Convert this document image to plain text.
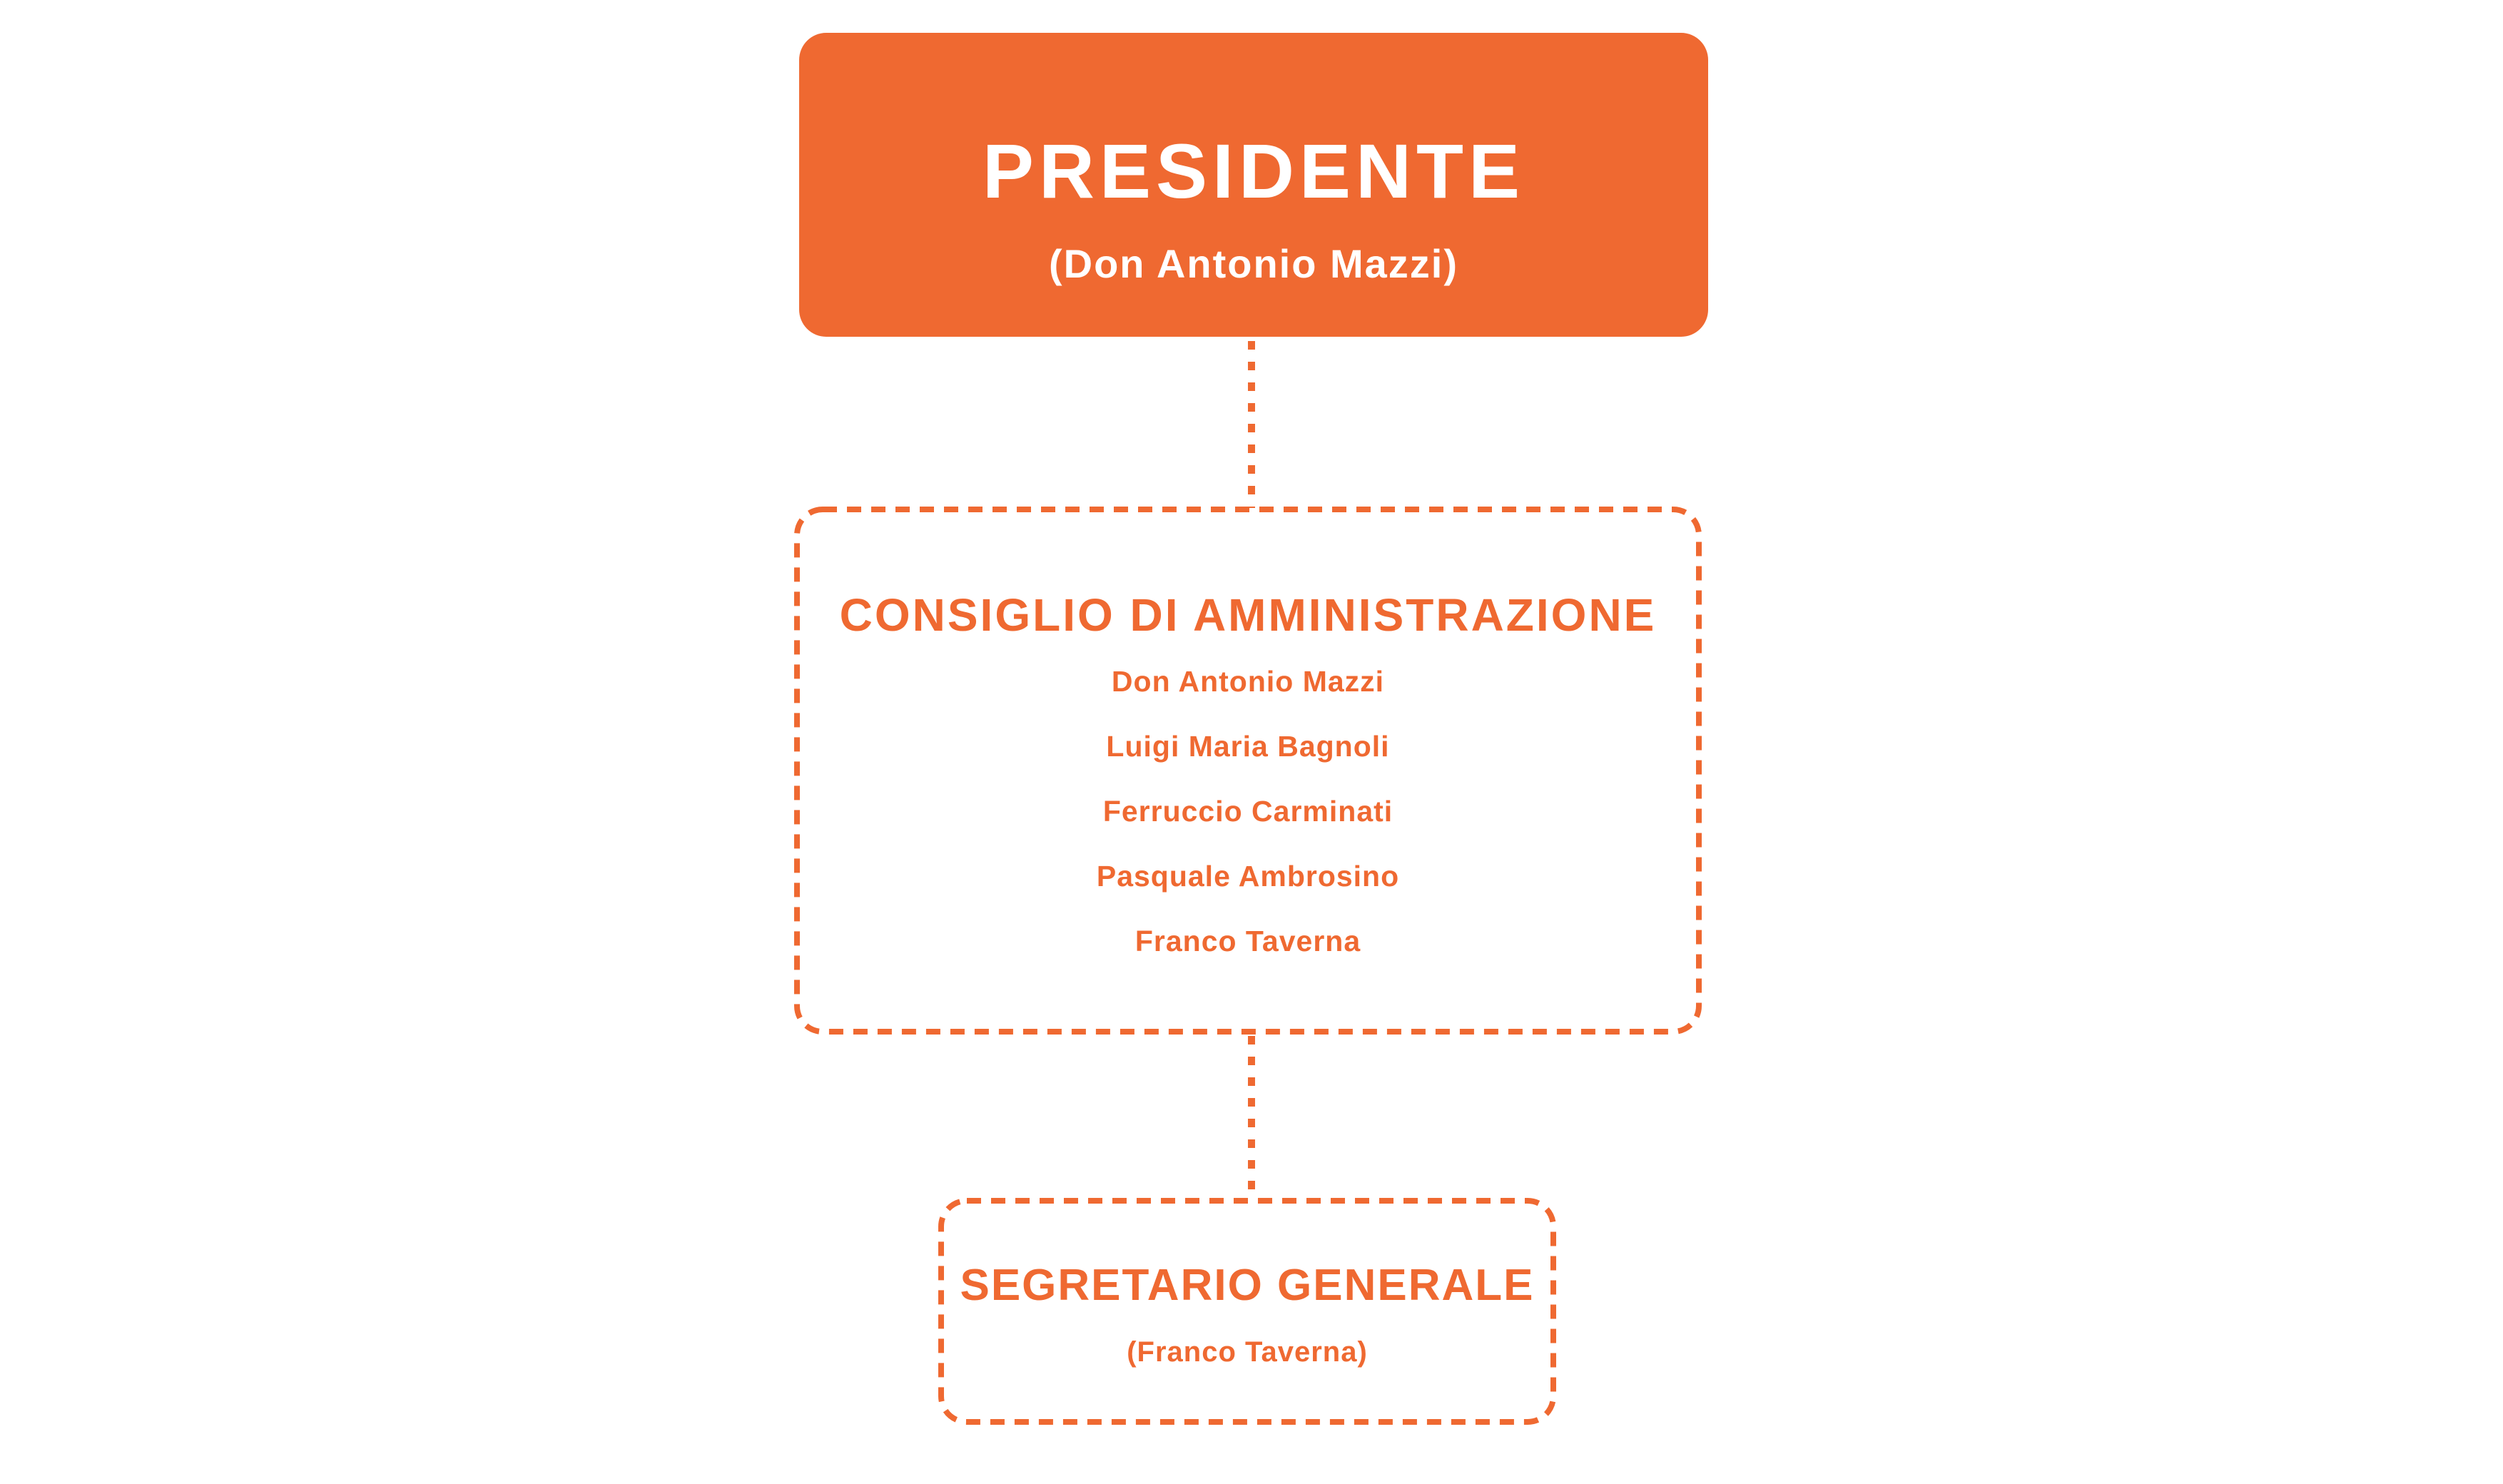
PRESIDENTE
(Don Antonio Mazzi)
CONSIGLIO DI AMMINISTRAZIONE
Don Antonio Mazzi
Luigi Maria Bagnoli
Ferruccio Carminati
Pasquale Ambrosino
Franco Taverna
SEGRETARIO GENERALE
(Franco Taverna)
